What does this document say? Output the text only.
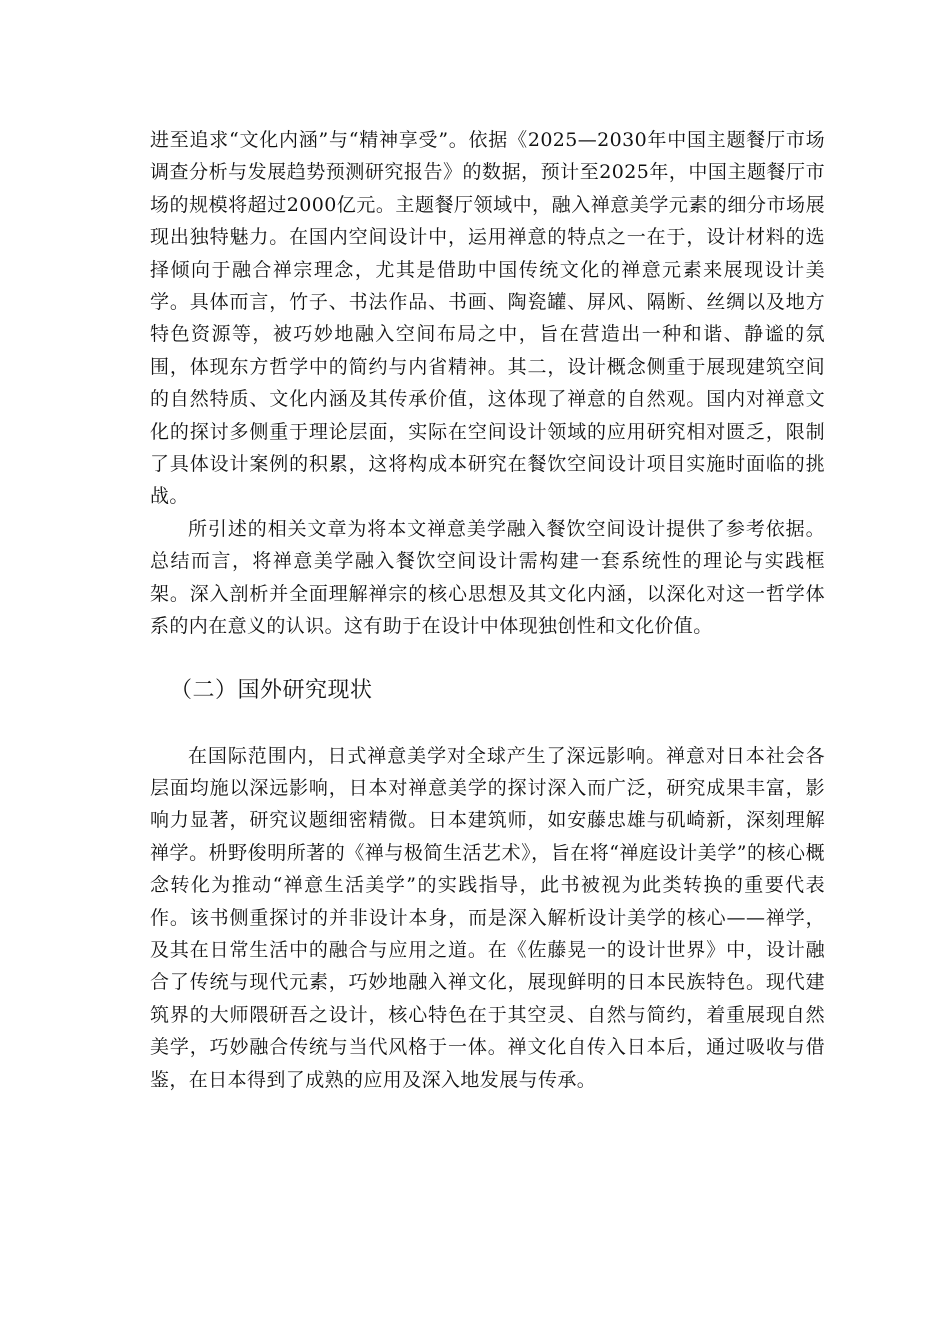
进至追求“文化内涵”与“精神享受”。依据《2025—2030年中国主题餐厅市场调查分析与发展趋势预测研究报告》的数据，预计至2025年，中国主题餐厅市场的规模将超过2000亿元。主题餐厅领域中，融入禅意美学元素的细分市场展现出独特魅力。在国内空间设计中，运用禅意的特点之一在于，设计材料的选择倾向于融合禅宗理念，尤其是借助中国传统文化的禅意元素来展现设计美学。具体而言，竹子、书法作品、书画、陶瓷罐、屏风、隔断、丝绸以及地方特色资源等，被巧妙地融入空间布局之中，旨在营造出一种和谐、静谧的氛围，体现东方哲学中的简约与内省精神。其二，设计概念侧重于展现建筑空间的自然特质、文化内涵及其传承价值，这体现了禅意的自然观。国内对禅意文化的探讨多侧重于理论层面，实际在空间设计领域的应用研究相对匮乏，限制了具体设计案例的积累，这将构成本研究在餐饮空间设计项目实施时面临的挑战。

所引述的相关文章为将本文禅意美学融入餐饮空间设计提供了参考依据。总结而言，将禅意美学融入餐饮空间设计需构建一套系统性的理论与实践框架。深入剖析并全面理解禅宗的核心思想及其文化内涵，以深化对这一哲学体系的内在意义的认识。这有助于在设计中体现独创性和文化价值。

（二）国外研究现状

在国际范围内，日式禅意美学对全球产生了深远影响。禅意对日本社会各层面均施以深远影响，日本对禅意美学的探讨深入而广泛，研究成果丰富，影响力显著，研究议题细密精微。日本建筑师，如安藤忠雄与矶崎新，深刻理解禅学。枡野俊明所著的《禅与极简生活艺术》，旨在将“禅庭设计美学”的核心概念转化为推动“禅意生活美学”的实践指导，此书被视为此类转换的重要代表作。该书侧重探讨的并非设计本身，而是深入解析设计美学的核心——禅学，及其在日常生活中的融合与应用之道。在《佐藤晃一的设计世界》中，设计融合了传统与现代元素，巧妙地融入禅文化，展现鲜明的日本民族特色。现代建筑界的大师隈研吾之设计，核心特色在于其空灵、自然与简约，着重展现自然美学，巧妙融合传统与当代风格于一体。禅文化自传入日本后，通过吸收与借鉴，在日本得到了成熟的应用及深入地发展与传承。
